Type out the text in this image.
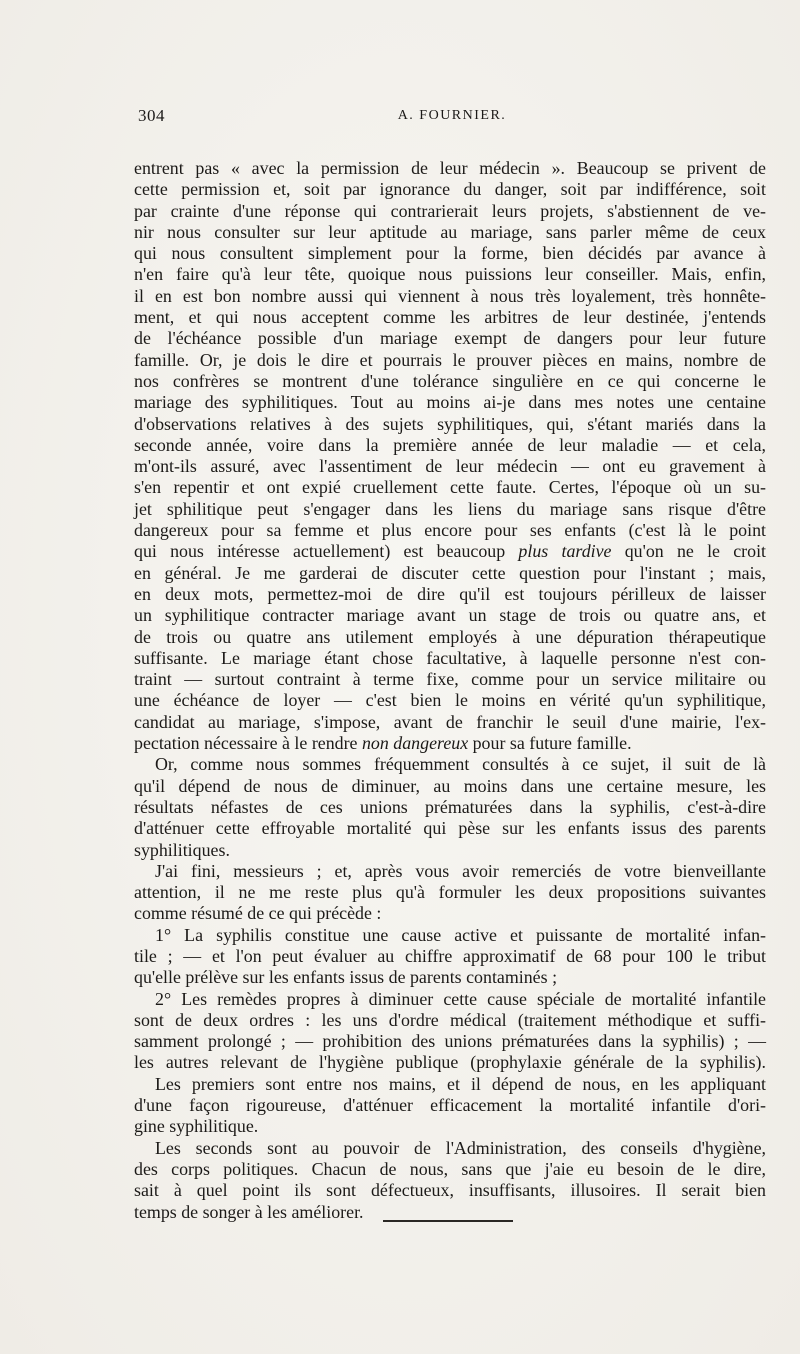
304	A. FOURNIER.
entrent pas « avec la permission de leur médecin ». Beaucoup se privent de
cette permission et, soit par ignorance du danger, soit par indifférence, soit
par crainte d'une réponse qui contrarierait leurs projets, s'abstiennent de ve-
nir nous consulter sur leur aptitude au mariage, sans parler même de ceux
qui nous consultent simplement pour la forme, bien décidés par avance à
n'en faire qu'à leur tête, quoique nous puissions leur conseiller. Mais, enfin,
il en est bon nombre aussi qui viennent à nous très loyalement, très honnête-
ment, et qui nous acceptent comme les arbitres de leur destinée, j'entends
de l'échéance possible d'un mariage exempt de dangers pour leur future
famille. Or, je dois le dire et pourrais le prouver pièces en mains, nombre de
nos confrères se montrent d'une tolérance singulière en ce qui concerne le
mariage des syphilitiques. Tout au moins ai-je dans mes notes une centaine
d'observations relatives à des sujets syphilitiques, qui, s'étant mariés dans la
seconde année, voire dans la première année de leur maladie — et cela,
m'ont-ils assuré, avec l'assentiment de leur médecin — ont eu gravement à
s'en repentir et ont expié cruellement cette faute. Certes, l'époque où un su-
jet sphilitique peut s'engager dans les liens du mariage sans risque d'être
dangereux pour sa femme et plus encore pour ses enfants (c'est là le point
qui nous intéresse actuellement) est beaucoup plus tardive qu'on ne le croit
en général. Je me garderai de discuter cette question pour l'instant ; mais,
en deux mots, permettez-moi de dire qu'il est toujours périlleux de laisser
un syphilitique contracter mariage avant un stage de trois ou quatre ans, et
de trois ou quatre ans utilement employés à une dépuration thérapeutique
suffisante. Le mariage étant chose facultative, à laquelle personne n'est con-
traint — surtout contraint à terme fixe, comme pour un service militaire ou
une échéance de loyer — c'est bien le moins en vérité qu'un syphilitique,
candidat au mariage, s'impose, avant de franchir le seuil d'une mairie, l'ex-
pectation nécessaire à le rendre non dangereux pour sa future famille.
Or, comme nous sommes fréquemment consultés à ce sujet, il suit de là
qu'il dépend de nous de diminuer, au moins dans une certaine mesure, les
résultats néfastes de ces unions prématurées dans la syphilis, c'est-à-dire
d'atténuer cette effroyable mortalité qui pèse sur les enfants issus des parents
syphilitiques.
J'ai fini, messieurs ; et, après vous avoir remerciés de votre bienveillante
attention, il ne me reste plus qu'à formuler les deux propositions suivantes
comme résumé de ce qui précède :
1° La syphilis constitue une cause active et puissante de mortalité infan-
tile ; — et l'on peut évaluer au chiffre approximatif de 68 pour 100 le tribut
qu'elle prélève sur les enfants issus de parents contaminés ;
2° Les remèdes propres à diminuer cette cause spéciale de mortalité infantile
sont de deux ordres : les uns d'ordre médical (traitement méthodique et suffi-
samment prolongé ; — prohibition des unions prématurées dans la syphilis) ; —
les autres relevant de l'hygiène publique (prophylaxie générale de la syphilis).
Les premiers sont entre nos mains, et il dépend de nous, en les appliquant
d'une façon rigoureuse, d'atténuer efficacement la mortalité infantile d'ori-
gine syphilitique.
Les seconds sont au pouvoir de l'Administration, des conseils d'hygiène,
des corps politiques. Chacun de nous, sans que j'aie eu besoin de le dire,
sait à quel point ils sont défectueux, insuffisants, illusoires. Il serait bien
temps de songer à les améliorer.
